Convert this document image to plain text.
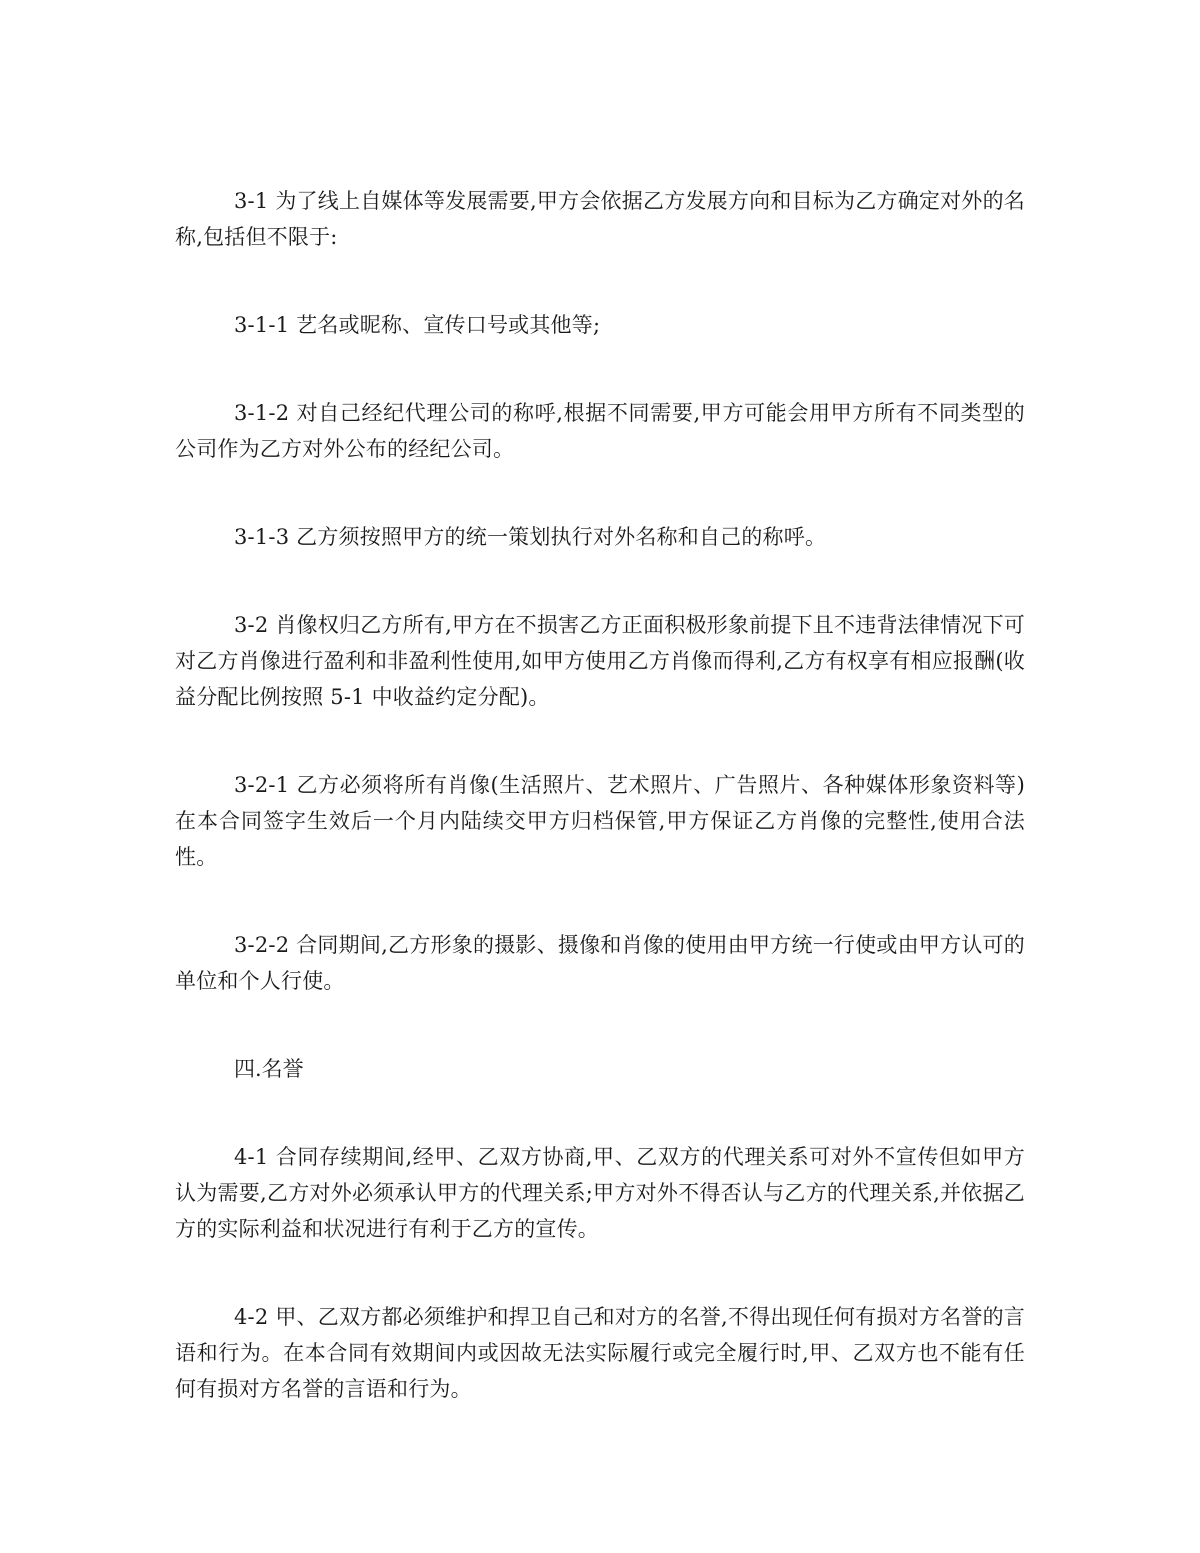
3-1 为了线上自媒体等发展需要,甲方会依据乙方发展方向和目标为乙方确定对外的名称,包括但不限于:

3-1-1 艺名或昵称、宣传口号或其他等;

3-1-2 对自己经纪代理公司的称呼,根据不同需要,甲方可能会用甲方所有不同类型的公司作为乙方对外公布的经纪公司。

3-1-3 乙方须按照甲方的统一策划执行对外名称和自己的称呼。

3-2 肖像权归乙方所有,甲方在不损害乙方正面积极形象前提下且不违背法律情况下可对乙方肖像进行盈利和非盈利性使用,如甲方使用乙方肖像而得利,乙方有权享有相应报酬(收益分配比例按照 5-1 中收益约定分配)。

3-2-1 乙方必须将所有肖像(生活照片、艺术照片、广告照片、各种媒体形象资料等)在本合同签字生效后一个月内陆续交甲方归档保管,甲方保证乙方肖像的完整性,使用合法性。

3-2-2 合同期间,乙方形象的摄影、摄像和肖像的使用由甲方统一行使或由甲方认可的单位和个人行使。

四.名誉

4-1 合同存续期间,经甲、乙双方协商,甲、乙双方的代理关系可对外不宣传但如甲方认为需要,乙方对外必须承认甲方的代理关系;甲方对外不得否认与乙方的代理关系,并依据乙方的实际利益和状况进行有利于乙方的宣传。

4-2 甲、乙双方都必须维护和捍卫自己和对方的名誉,不得出现任何有损对方名誉的言语和行为。在本合同有效期间内或因故无法实际履行或完全履行时,甲、乙双方也不能有任何有损对方名誉的言语和行为。
